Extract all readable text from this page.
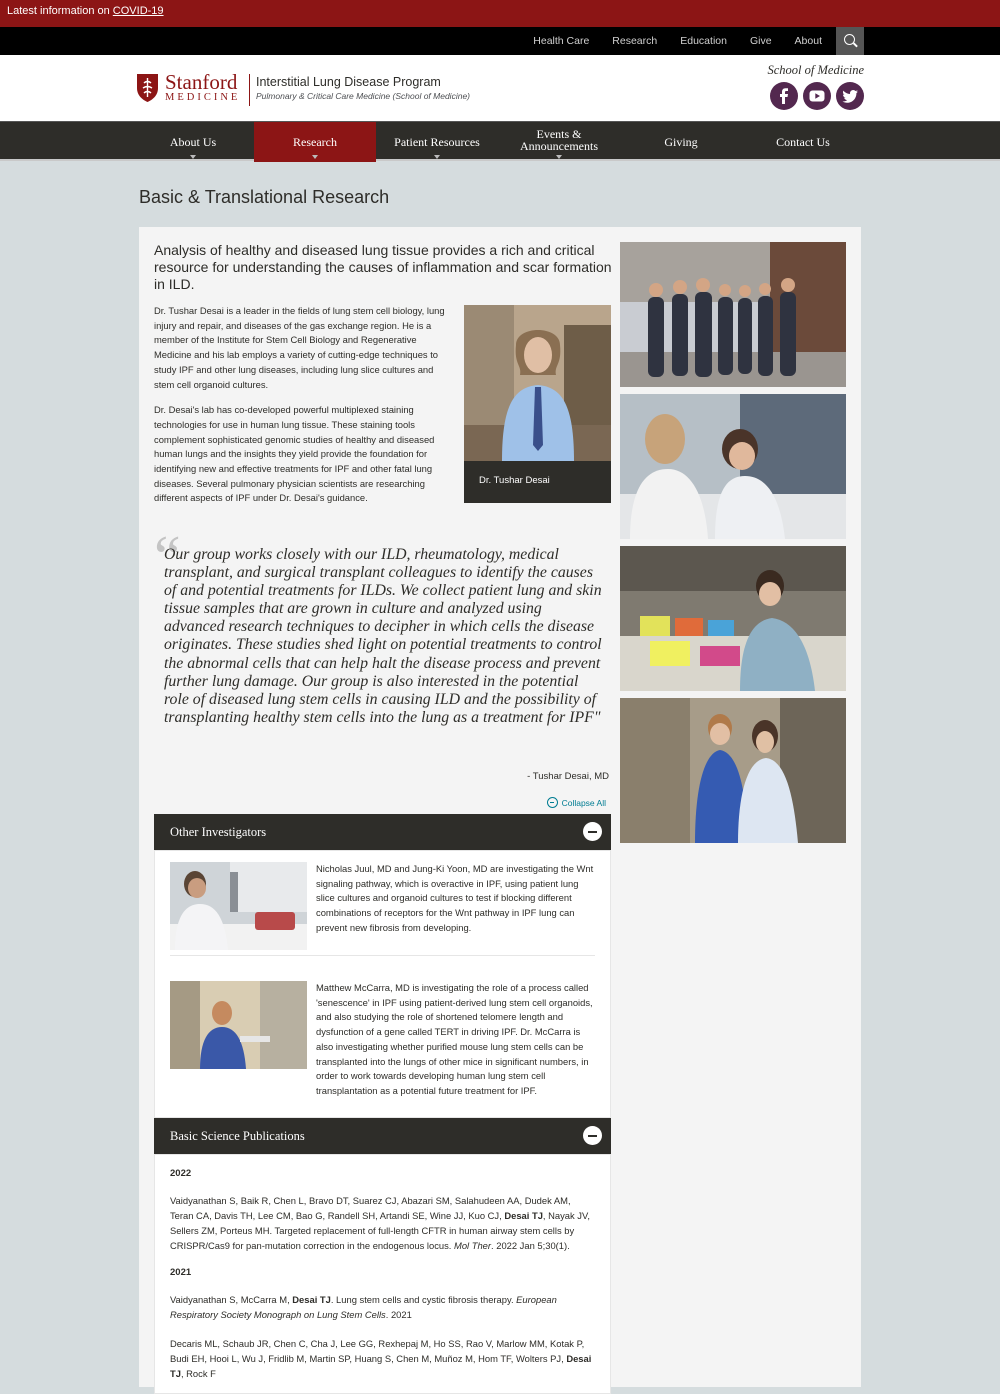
Latest information on COVID-19
Health Care Research Education Give About
Stanford
MEDICINE
Interstitial Lung Disease Program
Pulmonary & Critical Care Medicine (School of Medicine)
School of Medicine
About Us	Research	Patient Resources
Events & Announcements	Giving	Contact Us
Basic & Translational Research
Analysis of healthy and diseased lung tissue provides a rich and critical resource for understanding the causes of inflammation and scar formation in ILD.

Dr. Tushar Desai is a leader in the fields of lung stem cell biology, lung injury and repair, and diseases of the gas exchange region. He is a member of the Institute for Stem Cell Biology and Regenerative Medicine and his lab employs a variety of cutting-edge techniques to study IPF and other lung diseases, including lung slice cultures and stem cell organoid cultures.

Dr. Desai's lab has co-developed powerful multiplexed staining technologies for use in human lung tissue. These staining tools complement sophisticated genomic studies of healthy and diseased human lungs and the insights they yield provide the foundation for identifying new and effective treatments for IPF and other fatal lung diseases. Several pulmonary physician scientists are researching different aspects of IPF under Dr. Desai's guidance.

Dr. Tushar Desai
“
Our group works closely with our ILD, rheumatology, medical transplant, and surgical transplant colleagues to identify the causes of and potential treatments for ILDs. We collect patient lung and skin tissue samples that are grown in culture and analyzed using advanced research techniques to decipher in which cells the disease originates. These studies shed light on potential treatments to control the abnormal cells that can help halt the disease process and prevent further lung damage. Our group is also interested in the potential role of diseased lung stem cells in causing ILD and the possibility of transplanting healthy stem cells into the lung as a treatment for IPF"
- Tushar Desai, MD
Collapse All
Other Investigators
Nicholas Juul, MD and Jung-Ki Yoon, MD are investigating the Wnt signaling pathway, which is overactive in IPF, using patient lung slice cultures and organoid cultures to test if blocking different combinations of receptors for the Wnt pathway in IPF lung can prevent new fibrosis from developing.
Matthew McCarra, MD is investigating the role of a process called 'senescence' in IPF using patient-derived lung stem cell organoids, and also studying the role of shortened telomere length and dysfunction of a gene called TERT in driving IPF. Dr. McCarra is also investigating whether purified mouse lung stem cells can be transplanted into the lungs of other mice in significant numbers, in order to work towards developing human lung stem cell transplantation as a potential future treatment for IPF.
Basic Science Publications
2022
Vaidyanathan S, Baik R, Chen L, Bravo DT, Suarez CJ, Abazari SM, Salahudeen AA, Dudek AM, Teran CA, Davis TH, Lee CM, Bao G, Randell SH, Artandi SE, Wine JJ, Kuo CJ, Desai TJ, Nayak JV, Sellers ZM, Porteus MH. Targeted replacement of full-length CFTR in human airway stem cells by CRISPR/Cas9 for pan-mutation correction in the endogenous locus. Mol Ther. 2022 Jan 5;30(1).
2021
Vaidyanathan S, McCarra M, Desai TJ. Lung stem cells and cystic fibrosis therapy. European Respiratory Society Monograph on Lung Stem Cells. 2021
Decaris ML, Schaub JR, Chen C, Cha J, Lee GG, Rexhepaj M, Ho SS, Rao V, Marlow MM, Kotak P, Budi EH, Hooi L, Wu J, Fridlib M, Martin SP, Huang S, Chen M, Muñoz M, Hom TF, Wolters PJ, Desai TJ, Rock F
